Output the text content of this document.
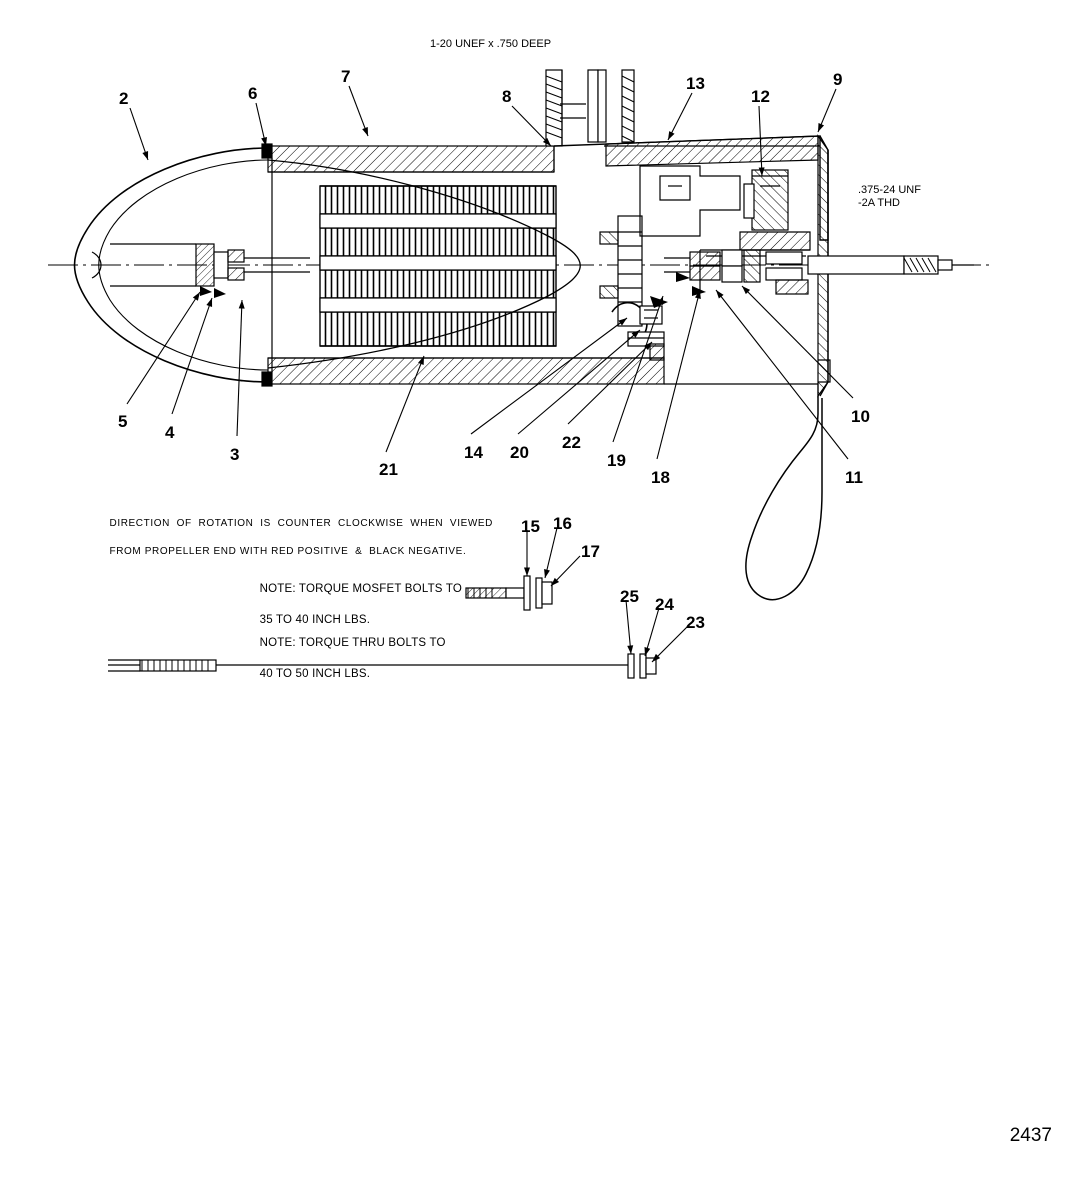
1-20 UNEF x .750 DEEP
.375-24 UNF
-2A THD

DIRECTION  OF  ROTATION  IS  COUNTER  CLOCKWISE  WHEN  VIEWED

FROM PROPELLER END WITH RED POSITIVE  &  BLACK NEGATIVE.

NOTE: TORQUE MOSFET BOLTS TO

35 TO 40 INCH LBS.

NOTE: TORQUE THRU BOLTS TO

40 TO 50 INCH LBS.

2	6
7
8
13
12
9
5
4
3
21
14 20
22
19
18
10
11
15 16
17
25 24
23
2437
